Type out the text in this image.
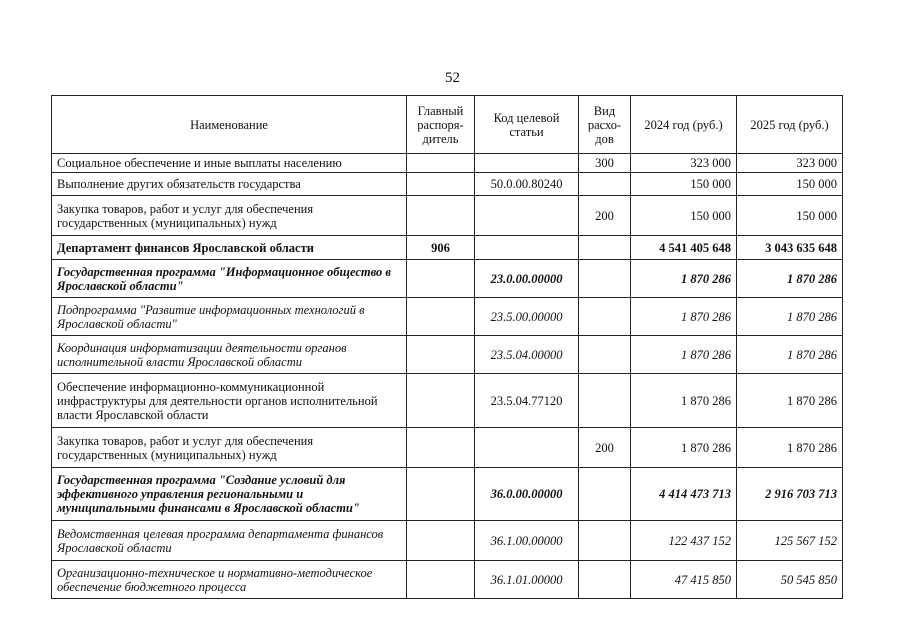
52
Наименование	Главный распоря-дитель	Код целевой статьи	Вид расхо-дов	2024 год (руб.)	2025 год (руб.)
Социальное обеспечение и иные выплаты населению			300	323 000	323 000
Выполнение других обязательств государства		50.0.00.80240		150 000	150 000
Закупка товаров, работ и услуг для обеспечения государственных (муниципальных) нужд			200	150 000	150 000
Департамент финансов Ярославской области	906			4 541 405 648	3 043 635 648
Государственная программа "Информационное общество в Ярославской области"		23.0.00.00000		1 870 286	1 870 286
Подпрограмма "Развитие информационных технологий в Ярославской области"		23.5.00.00000		1 870 286	1 870 286
Координация информатизации деятельности органов исполнительной власти Ярославской области		23.5.04.00000		1 870 286	1 870 286
Обеспечение информационно-коммуникационной инфраструктуры для деятельности органов исполнительной власти Ярославской области		23.5.04.77120		1 870 286	1 870 286
Закупка товаров, работ и услуг для обеспечения государственных (муниципальных) нужд			200	1 870 286	1 870 286
Государственная программа "Создание условий для эффективного управления региональными и муниципальными финансами в Ярославской области"		36.0.00.00000		4 414 473 713	2 916 703 713
Ведомственная целевая программа департамента финансов Ярославской области		36.1.00.00000		122 437 152	125 567 152
Организационно-техническое и нормативно-методическое обеспечение бюджетного процесса		36.1.01.00000		47 415 850	50 545 850
